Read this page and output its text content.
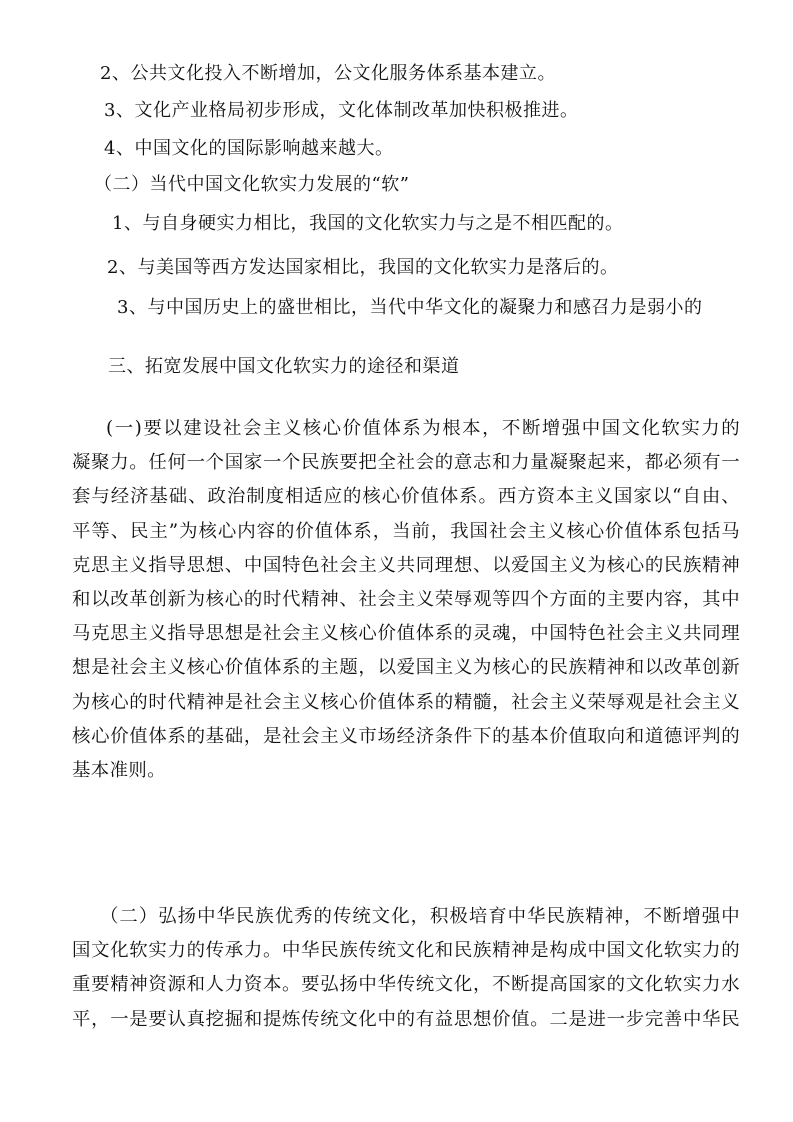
2、公共文化投入不断增加，公文化服务体系基本建立。

3、文化产业格局初步形成，文化体制改革加快积极推进。

4、中国文化的国际影响越来越大。

（二）当代中国文化软实力发展的“软”

1、与自身硬实力相比，我国的文化软实力与之是不相匹配的。

2、与美国等西方发达国家相比，我国的文化软实力是落后的。

3、与中国历史上的盛世相比，当代中华文化的凝聚力和感召力是弱小的

三、拓宽发展中国文化软实力的途径和渠道

(一)要以建设社会主义核心价值体系为根本，不断增强中国文化软实力的
凝聚力。任何一个国家一个民族要把全社会的意志和力量凝聚起来，都必须有一
套与经济基础、政治制度相适应的核心价值体系。西方资本主义国家以“自由、
平等、民主”为核心内容的价值体系，当前，我国社会主义核心价值体系包括马
克思主义指导思想、中国特色社会主义共同理想、以爱国主义为核心的民族精神
和以改革创新为核心的时代精神、社会主义荣辱观等四个方面的主要内容，其中
马克思主义指导思想是社会主义核心价值体系的灵魂，中国特色社会主义共同理
想是社会主义核心价值体系的主题，以爱国主义为核心的民族精神和以改革创新
为核心的时代精神是社会主义核心价值体系的精髓，社会主义荣辱观是社会主义
核心价值体系的基础，是社会主义市场经济条件下的基本价值取向和道德评判的
基本准则。
（二）弘扬中华民族优秀的传统文化，积极培育中华民族精神，不断增强中
国文化软实力的传承力。中华民族传统文化和民族精神是构成中国文化软实力的
重要精神资源和人力资本。要弘扬中华传统文化，不断提高国家的文化软实力水
平，一是要认真挖掘和提炼传统文化中的有益思想价值。二是进一步完善中华民
